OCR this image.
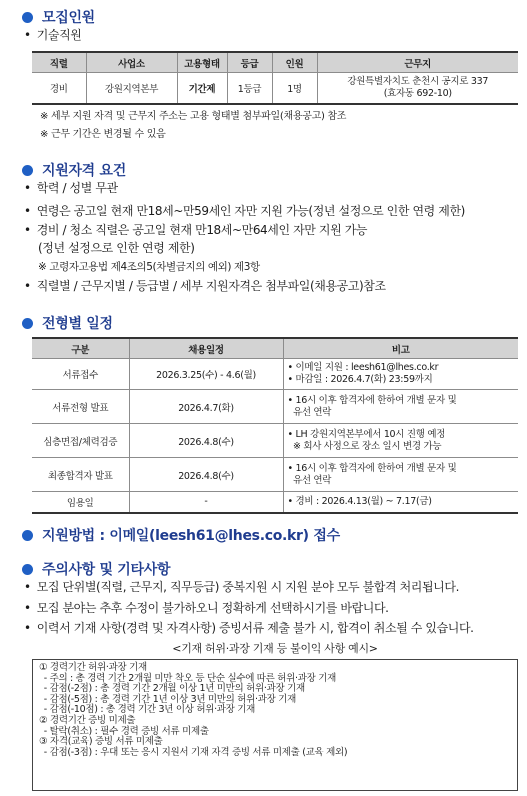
모집인원
• 기술직원
직렬	사업소	고용형태	등급	인원	근무지
경비	강원지역본부	기간제	1등급	1명	강원특별자치도 춘천시 공지로 337
(효자동 692-10)
※ 세부 지원 자격 및 근무지 주소는 고용 형태별 첨부파일(채용공고) 참조
※ 근무 기간은 변경될 수 있음
지원자격 요건
• 학력 / 성별 무관
• 연령은 공고일 현재 만18세~만59세인 자만 지원 가능(정년 설정으로 인한 연령 제한)
• 경비 / 청소 직렬은 공고일 현재 만18세~만64세인 자만 지원 가능
(정년 설정으로 인한 연령 제한)
※ 고령자고용법 제4조의5(차별금지의 예외) 제3항
• 직렬별 / 근무지별 / 등급별 / 세부 지원자격은 첨부파일(채용공고)참조
전형별 일정
구분	채용일정	비고
서류접수	2026.3.25(수) - 4.6(월)	• 이메일 지원 : leesh61@lhes.co.kr
• 마감일 : 2026.4.7(화) 23:59까지

서류전형 발표	2026.4.7(화)	• 16시 이후 합격자에 한하여 개별 문자 및
유선 연락

심층면접/체력검증	2026.4.8(수)	• LH 강원지역본부에서 10시 진행 예정
※ 회사 사정으로 장소 일시 변경 가능

최종합격자 발표	2026.4.8(수)	• 16시 이후 합격자에 한하여 개별 문자 및
유선 연락

임용일	-	• 경비 : 2026.4.13(월) ~ 7.17(금)
지원방법 : 이메일(leesh61@lhes.co.kr) 접수
주의사항 및 기타사항
• 모집 단위별(직렬, 근무지, 직무등급) 중복지원 시 지원 분야 모두 불합격 처리됩니다.
• 모집 분야는 추후 수정이 불가하오니 정확하게 선택하시기를 바랍니다.
• 이력서 기재 사항(경력 및 자격사항) 증빙서류 제출 불가 시, 합격이 취소될 수 있습니다.
<기재 허위·과장 기재 등 불이익 사항 예시>
① 경력기간 허위·과장 기재
- 주의 : 총 경력 기간 2개월 미만 착오 등 단순 실수에 따른 허위·과장 기재
- 감점(-2점) : 총 경력 기간 2개월 이상 1년 미만의 허위·과장 기재
- 감점(-5점) : 총 경력 기간 1년 이상 3년 미만의 허위·과장 기재
- 감점(-10점) : 총 경력 기간 3년 이상 허위·과장 기재
② 경력기간 증빙 미제출
- 탈락(취소) : 필수 경력 증빙 서류 미제출
③ 자격(교육) 증빙 서류 미제출
- 감점(-3점) : 우대 또는 응시 지원서 기재 자격 증빙 서류 미제출 (교육 제외)
